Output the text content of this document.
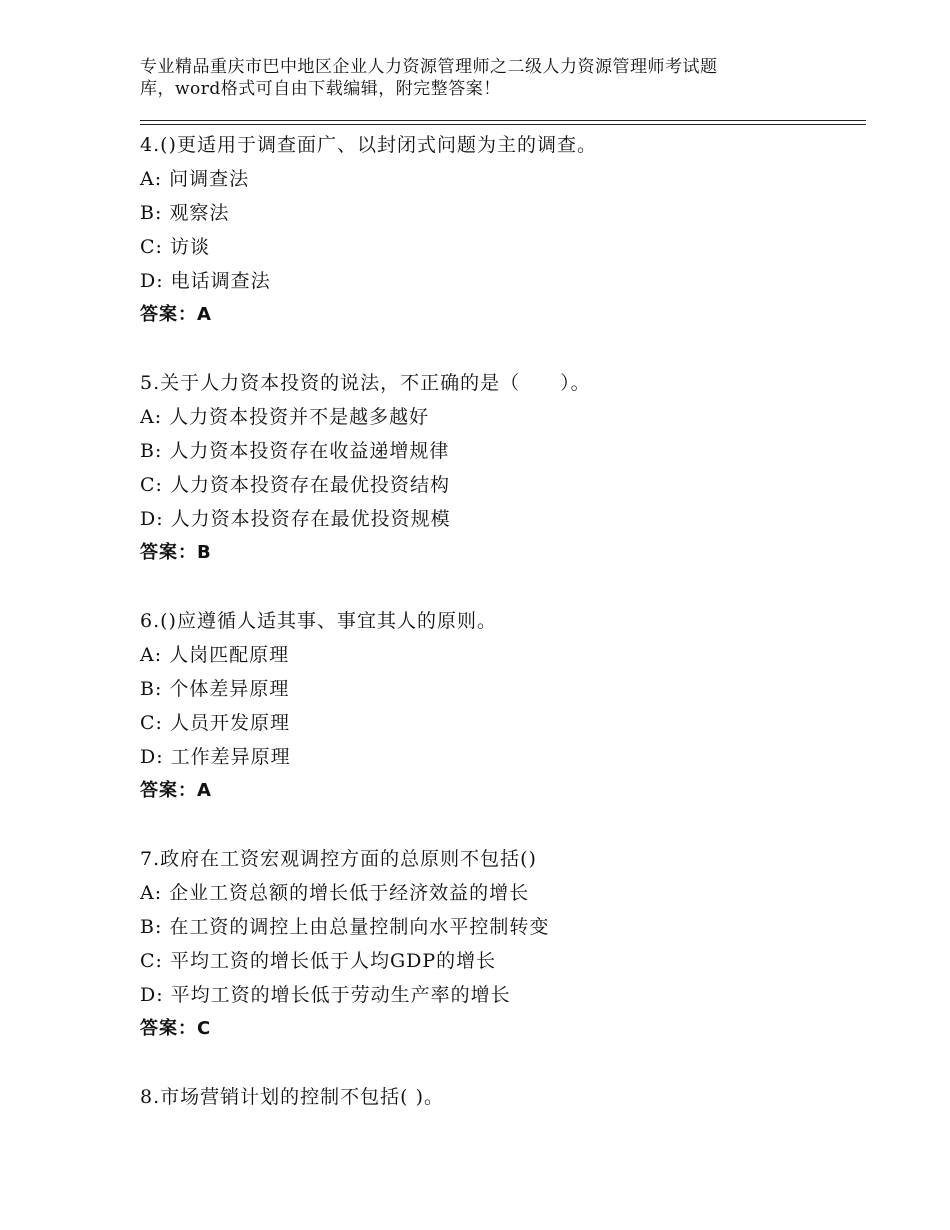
专业精品重庆市巴中地区企业人力资源管理师之二级人力资源管理师考试题
库，word格式可自由下载编辑，附完整答案！
4.()更适用于调查面广、以封闭式问题为主的调查。
A: 问调查法
B: 观察法
C: 访谈
D: 电话调查法
答案：A
5.关于人力资本投资的说法，不正确的是（　　）。
A: 人力资本投资并不是越多越好
B: 人力资本投资存在收益递增规律
C: 人力资本投资存在最优投资结构
D: 人力资本投资存在最优投资规模
答案：B
6.()应遵循人适其事、事宜其人的原则。
A: 人岗匹配原理
B: 个体差异原理
C: 人员开发原理
D: 工作差异原理
答案：A
7.政府在工资宏观调控方面的总原则不包括()
A: 企业工资总额的增长低于经济效益的增长
B: 在工资的调控上由总量控制向水平控制转变
C: 平均工资的增长低于人均GDP的增长
D: 平均工资的增长低于劳动生产率的增长
答案：C
8.市场营销计划的控制不包括( )。
